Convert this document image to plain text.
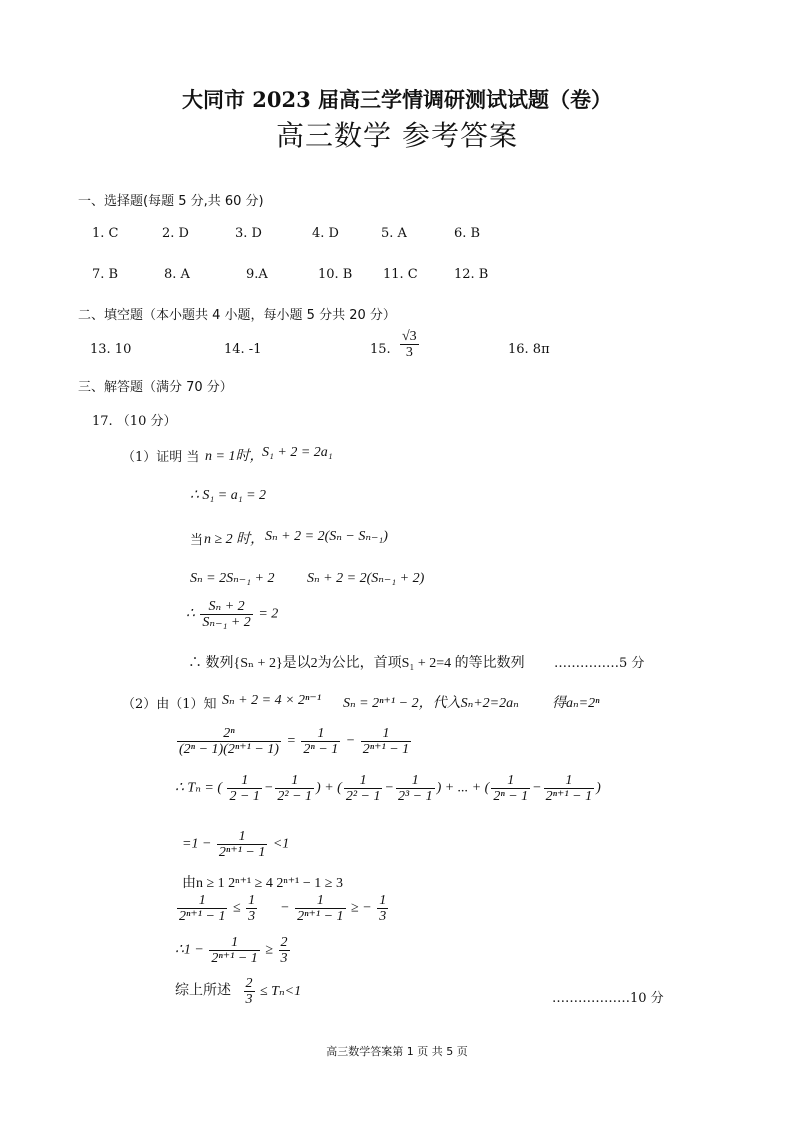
大同市 2023 届高三学情调研测试试题（卷）
高三数学 参考答案
一、选择题(每题 5 分,共 60 分)
1. C	2. D	3. D	4. D	5. A	6. B
7. B	8. A	9.A	10. B 11. C	12. B
二、填空题（本小题共 4 小题，每小题 5 分共 20 分）
13. 10	14. -1	15. $\frac{√3}{3}$	16. 8π
三、解答题（满分 70 分）
17. （10 分）
（1）证明 当 n = 1时，
S₁ + 2 = 2a₁
∴ S₁ = a₁ = 2
当 n ≥ 2 时， Sₙ + 2 = 2(Sₙ − Sₙ₋₁)
Sₙ = 2Sₙ₋₁ + 2 Sₙ + 2 = 2(Sₙ₋₁ + 2)
∴ $\frac{\text{Sₙ + 2}}{\text{Sₙ₋₁ + 2}} = 2$
∴ 数列{Sₙ + 2}是以2为公比，首项S₁ + 2=4 的等比数列 ……………5 分
（2）由（1）知 Sₙ + 2 = 4 × 2ⁿ⁻¹ Sₙ = 2ⁿ⁺¹ − 2，代入Sₙ+2=2aₙ 得aₙ=2ⁿ
$\frac{\text{2ⁿ}}{\text{(2ⁿ − 1)(2ⁿ⁺¹ − 1)}} = \frac{1}{\text{2ⁿ − 1}} - \frac{1}{\text{2ⁿ⁺¹ − 1}}$
∴ Tₙ = ( $\frac{1}{2 - 1} - \frac{1}{\text{2² − 1}}$ ) + ( $\frac{1}{\text{2² − 1}} - \frac{1}{\text{2³ − 1}}$ ) + ... + ( $\frac{1}{\text{2ⁿ − 1}} - \frac{1}{\text{2ⁿ⁺¹ − 1}}$ )
$=1 - \frac{1}{\text{2ⁿ⁺¹ − 1}} <1$
由n ≥ 1 2ⁿ⁺¹ ≥ 4 2ⁿ⁺¹ − 1 ≥ 3
$\frac{1}{\text{2ⁿ⁺¹ − 1}} \le \frac{1}{3} - \frac{1}{\text{2ⁿ⁺¹ − 1}}$ ≥ − $\frac{1}{3}$
∴1 − $\frac{1}{\text{2ⁿ⁺¹ − 1}} \ge \frac{2}{3}$
综上所述 $\frac{2}{3} \le T_n<1$	………………10 分
高三数学答案第 1 页 共 5 页
